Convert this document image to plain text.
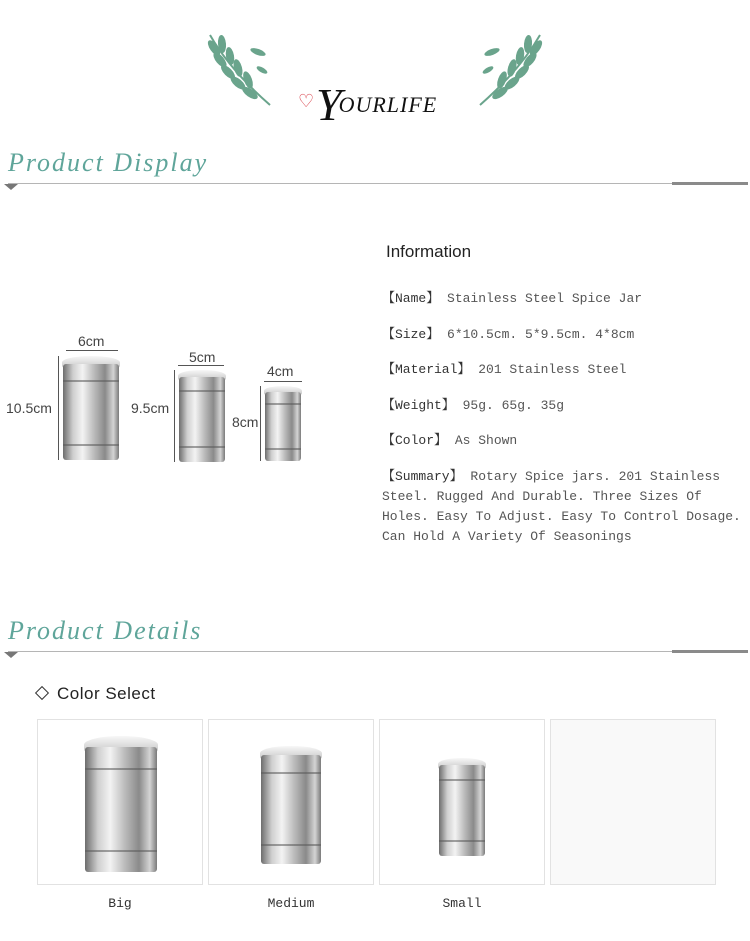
♡ YOURLIFE
Product Display
6cm
10.5cm
5cm
9.5cm
4cm
8cm
Information
【Name】 Stainless Steel Spice Jar
【Size】 6*10.5cm. 5*9.5cm. 4*8cm
【Material】 201 Stainless Steel
【Weight】 95g. 65g. 35g
【Color】 As Shown
【Summary】 Rotary Spice jars. 201 Stainless Steel. Rugged And Durable. Three Sizes Of Holes. Easy To Adjust. Easy To Control Dosage. Can Hold A Variety Of Seasonings
Product Details
Color Select
Big	Medium	Small
